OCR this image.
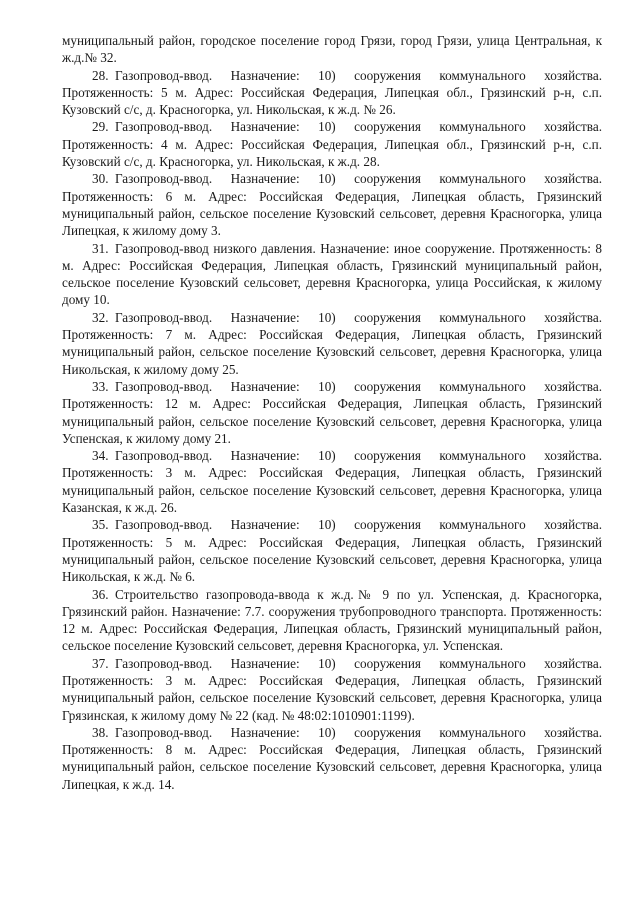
муниципальный район, городское поселение город Грязи, город Грязи, улица Центральная, к ж.д.№ 32.

28. Газопровод-ввод. Назначение: 10) сооружения коммунального хозяйства. Протяженность: 5 м. Адрес: Российская Федерация, Липецкая обл., Грязинский р-н, с.п. Кузовский с/с, д. Красногорка, ул. Никольская, к ж.д. № 26.

29. Газопровод-ввод. Назначение: 10) сооружения коммунального хозяйства. Протяженность: 4 м. Адрес: Российская Федерация, Липецкая обл., Грязинский р-н, с.п. Кузовский с/с, д. Красногорка, ул. Никольская, к ж.д. 28.

30. Газопровод-ввод. Назначение: 10) сооружения коммунального хозяйства. Протяженность: 6 м. Адрес: Российская Федерация, Липецкая область, Грязинский муниципальный район, сельское поселение Кузовский сельсовет, деревня Красногорка, улица Липецкая, к жилому дому 3.

31. Газопровод-ввод низкого давления. Назначение: иное сооружение. Протяженность: 8 м. Адрес: Российская Федерация, Липецкая область, Грязинский муниципальный район, сельское поселение Кузовский сельсовет, деревня Красногорка, улица Российская, к жилому дому 10.

32. Газопровод-ввод. Назначение: 10) сооружения коммунального хозяйства. Протяженность: 7 м. Адрес: Российская Федерация, Липецкая область, Грязинский муниципальный район, сельское поселение Кузовский сельсовет, деревня Красногорка, улица Никольская, к жилому дому 25.

33. Газопровод-ввод. Назначение: 10) сооружения коммунального хозяйства. Протяженность: 12 м. Адрес: Российская Федерация, Липецкая область, Грязинский муниципальный район, сельское поселение Кузовский сельсовет, деревня Красногорка, улица Успенская, к жилому дому 21.

34. Газопровод-ввод. Назначение: 10) сооружения коммунального хозяйства. Протяженность: 3 м. Адрес: Российская Федерация, Липецкая область, Грязинский муниципальный район, сельское поселение Кузовский сельсовет, деревня Красногорка, улица Казанская, к ж.д. 26.

35. Газопровод-ввод. Назначение: 10) сооружения коммунального хозяйства. Протяженность: 5 м. Адрес: Российская Федерация, Липецкая область, Грязинский муниципальный район, сельское поселение Кузовский сельсовет, деревня Красногорка, улица Никольская, к ж.д. № 6.

36. Строительство газопровода-ввода к ж.д.№ 9 по ул. Успенская, д. Красногорка, Грязинский район. Назначение: 7.7. сооружения трубопроводного транспорта. Протяженность: 12 м. Адрес: Российская Федерация, Липецкая область, Грязинский муниципальный район, сельское поселение Кузовский сельсовет, деревня Красногорка, ул. Успенская.

37. Газопровод-ввод. Назначение: 10) сооружения коммунального хозяйства. Протяженность: 3 м. Адрес: Российская Федерация, Липецкая область, Грязинский муниципальный район, сельское поселение Кузовский сельсовет, деревня Красногорка, улица Грязинская, к жилому дому № 22 (кад. № 48:02:1010901:1199).

38. Газопровод-ввод. Назначение: 10) сооружения коммунального хозяйства. Протяженность: 8 м. Адрес: Российская Федерация, Липецкая область, Грязинский муниципальный район, сельское поселение Кузовский сельсовет, деревня Красногорка, улица Липецкая, к ж.д. 14.
